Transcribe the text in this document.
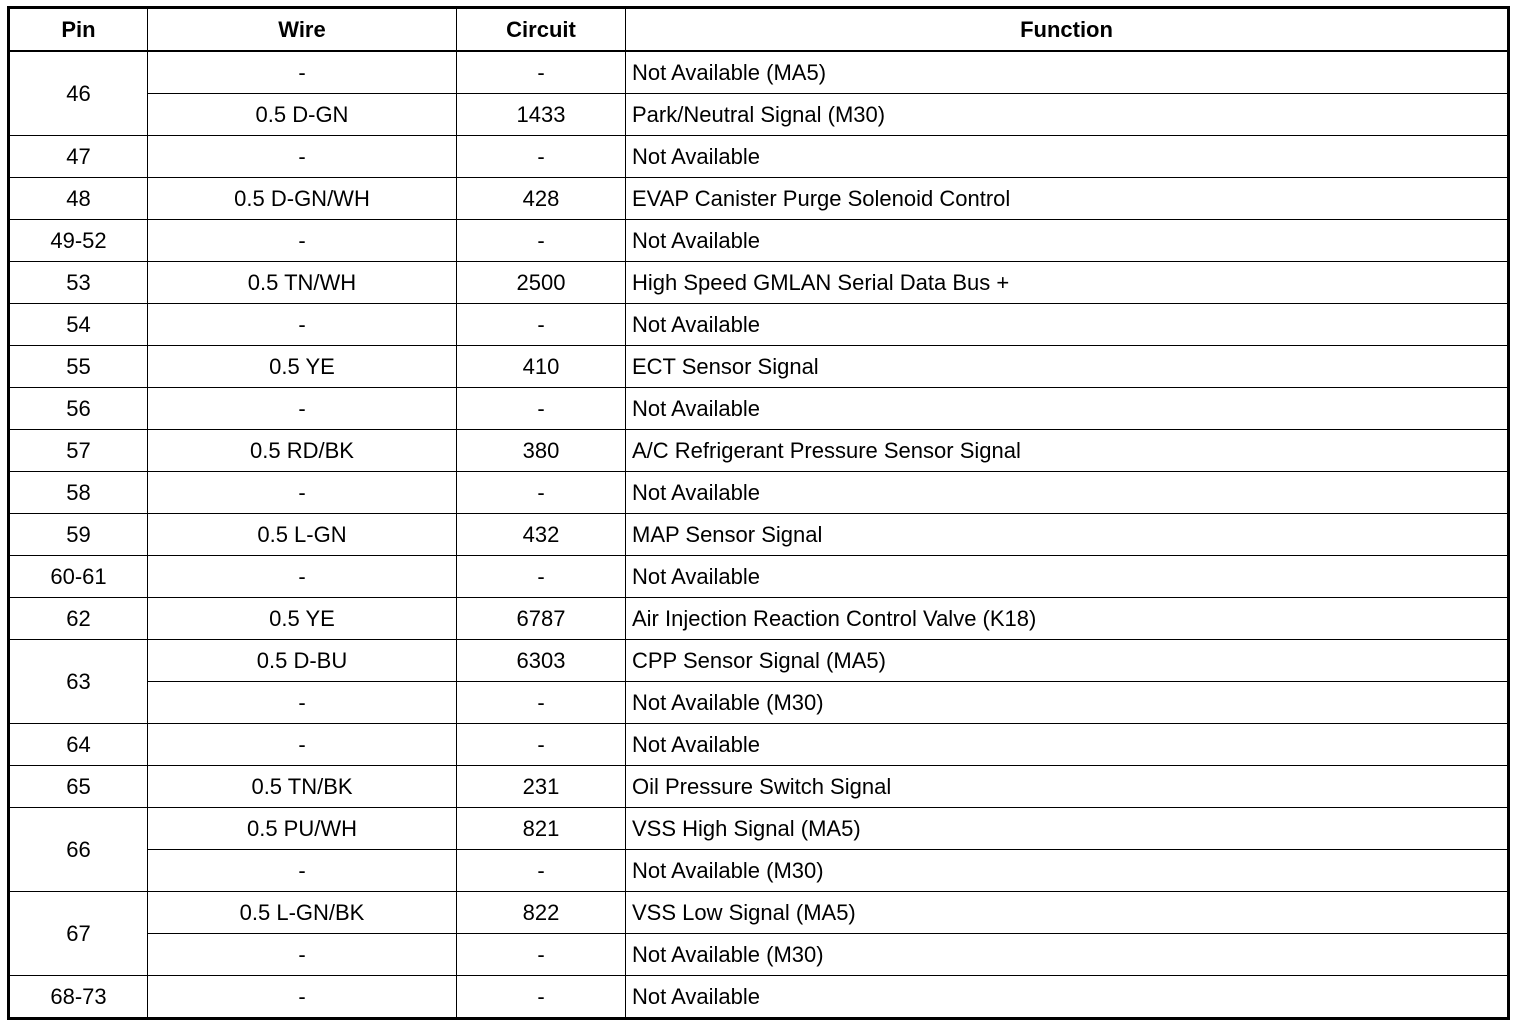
Pin	Wire	Circuit	Function
46	-	-	Not Available (MA5)
	0.5 D-GN	1433	Park/Neutral Signal (M30)
47	-	-	Not Available
48	0.5 D-GN/WH	428	EVAP Canister Purge Solenoid Control
49-52	-	-	Not Available
53	0.5 TN/WH	2500	High Speed GMLAN Serial Data Bus +
54	-	-	Not Available
55	0.5 YE	410	ECT Sensor Signal
56	-	-	Not Available
57	0.5 RD/BK	380	A/C Refrigerant Pressure Sensor Signal
58	-	-	Not Available
59	0.5 L-GN	432	MAP Sensor Signal
60-61	-	-	Not Available
62	0.5 YE	6787	Air Injection Reaction Control Valve (K18)
63	0.5 D-BU	6303	CPP Sensor Signal (MA5)
	-	-	Not Available (M30)
64	-	-	Not Available
65	0.5 TN/BK	231	Oil Pressure Switch Signal
66	0.5 PU/WH	821	VSS High Signal (MA5)
	-	-	Not Available (M30)
67	0.5 L-GN/BK	822	VSS Low Signal (MA5)
	-	-	Not Available (M30)
68-73	-	-	Not Available
